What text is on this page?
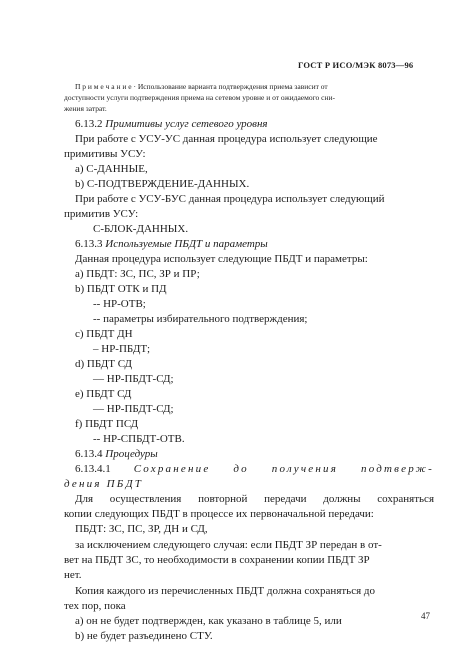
ГОСТ Р ИСО/МЭК 8073—96
П р и м е ч а н и е · Использование варианта подтверждения приема зависит от
доступности услуги подтверждения приема на сетевом уровне и от ожидаемого сни-
жения затрат.
6.13.2 Примитивы услуг сетевого уровня
При работе с УСУ-УС данная процедура использует следующие
примитивы УСУ:
а) С-ДАННЫЕ,
b) С-ПОДТВЕРЖДЕНИЕ-ДАННЫХ.
При работе с УСУ-БУС данная процедура использует следующий
примитив УСУ:
С-БЛОК-ДАННЫХ.
6.13.3 Используемые ПБДТ и параметры
Данная процедура использует следующие ПБДТ и параметры:
а) ПБДТ: ЗС, ПС, ЗР и ПР;
b) ПБДТ ОТК и ПД
-- НР-ОТВ;
-- параметры избирательного подтверждения;
с) ПБДТ ДН
– НР-ПБДТ;
d) ПБДТ СД
— НР-ПБДТ-СД;
е) ПБДТ СД
— НР-ПБДТ-СД;
f) ПБДТ ПСД
-- НР-СПБДТ-ОТВ.
6.13.4 Процедуры
6.13.4.1 Сохранение до получения подтверж-
дения ПБДТ
Для осуществления повторной передачи должны сохраняться
копии следующих ПБДТ в процессе их первоначальной передачи:
ПБДТ: ЗС, ПС, ЗР, ДН и СД,
за исключением следующего случая: если ПБДТ ЗР передан в от-
вет на ПБДТ ЗС, то необходимости в сохранении копии ПБДТ ЗР
нет.
Копия каждого из перечисленных ПБДТ должна сохраняться до
тех пор, пока
а) он не будет подтвержден, как указано в таблице 5, или
b) не будет разъединено СТУ.
47
